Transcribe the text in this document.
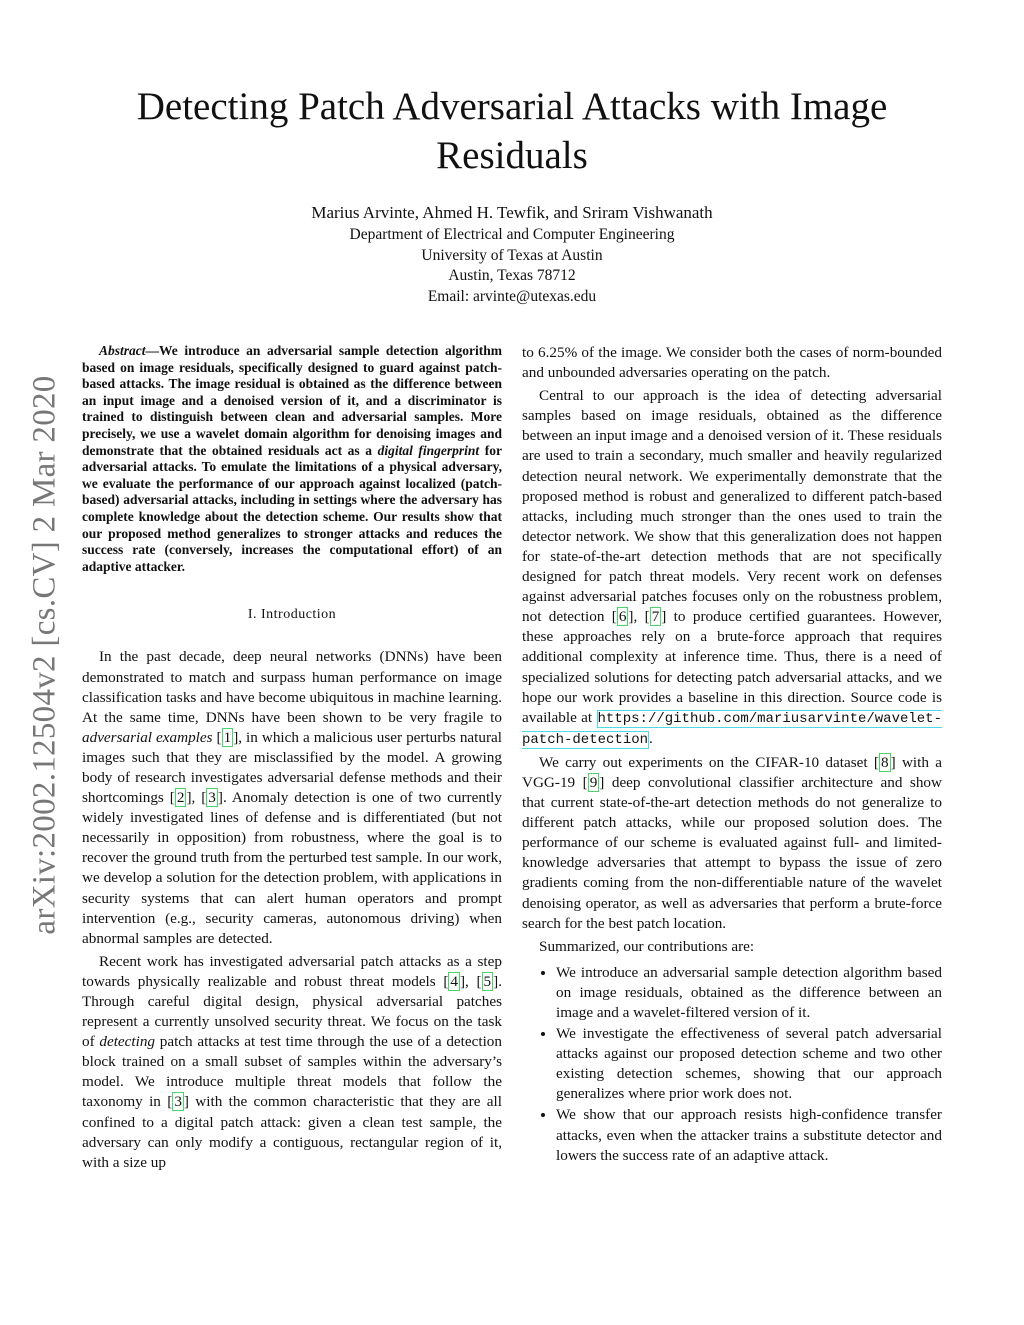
arXiv:2002.12504v2 [cs.CV] 2 Mar 2020
Detecting Patch Adversarial Attacks with Image Residuals
Marius Arvinte, Ahmed H. Tewfik, and Sriram Vishwanath
Department of Electrical and Computer Engineering
University of Texas at Austin
Austin, Texas 78712
Email: arvinte@utexas.edu

Abstract—We introduce an adversarial sample detection algorithm based on image residuals, specifically designed to guard against patch-based attacks. The image residual is obtained as the difference between an input image and a denoised version of it, and a discriminator is trained to distinguish between clean and adversarial samples. More precisely, we use a wavelet domain algorithm for denoising images and demonstrate that the obtained residuals act as a digital fingerprint for adversarial attacks. To emulate the limitations of a physical adversary, we evaluate the performance of our approach against localized (patch-based) adversarial attacks, including in settings where the adversary has complete knowledge about the detection scheme. Our results show that our proposed method generalizes to stronger attacks and reduces the success rate (conversely, increases the computational effort) of an adaptive attacker.

I. Introduction

In the past decade, deep neural networks (DNNs) have been demonstrated to match and surpass human performance on image classification tasks and have become ubiquitous in machine learning. At the same time, DNNs have been shown to be very fragile to adversarial examples [ 1 ], in which a malicious user perturbs natural images such that they are misclassified by the model. A growing body of research investigates adversarial defense methods and their shortcomings [ 2 ], [ 3 ]. Anomaly detection is one of two currently widely investigated lines of defense and is differentiated (but not necessarily in opposition) from robustness, where the goal is to recover the ground truth from the perturbed test sample. In our work, we develop a solution for the detection problem, with applications in security systems that can alert human operators and prompt intervention (e.g., security cameras, autonomous driving) when abnormal samples are detected.

Recent work has investigated adversarial patch attacks as a step towards physically realizable and robust threat models [ 4 ], [ 5 ]. Through careful digital design, physical adversarial patches represent a currently unsolved security threat. We focus on the task of detecting patch attacks at test time through the use of a detection block trained on a small subset of samples within the adversary’s model. We introduce multiple threat models that follow the taxonomy in [ 3 ] with the common characteristic that they are all confined to a digital patch attack: given a clean test sample, the adversary can only modify a contiguous, rectangular region of it, with a size up

to 6.25% of the image. We consider both the cases of norm-bounded and unbounded adversaries operating on the patch.

Central to our approach is the idea of detecting adversarial samples based on image residuals, obtained as the difference between an input image and a denoised version of it. These residuals are used to train a secondary, much smaller and heavily regularized detection neural network. We experimentally demonstrate that the proposed method is robust and generalized to different patch-based attacks, including much stronger than the ones used to train the detector network. We show that this generalization does not happen for state-of-the-art detection methods that are not specifically designed for patch threat models. Very recent work on defenses against adversarial patches focuses only on the robustness problem, not detection [ 6 ], [ 7 ] to produce certified guarantees. However, these approaches rely on a brute-force approach that requires additional complexity at inference time. Thus, there is a need of specialized solutions for detecting patch adversarial attacks, and we hope our work provides a baseline in this direction. Source code is available at https://github.com/mariusarvinte/wavelet-patch-detection.

We carry out experiments on the CIFAR-10 dataset [ 8 ] with a VGG-19 [ 9 ] deep convolutional classifier architecture and show that current state-of-the-art detection methods do not generalize to different patch attacks, while our proposed solution does. The performance of our scheme is evaluated against full- and limited-knowledge adversaries that attempt to bypass the issue of zero gradients coming from the non-differentiable nature of the wavelet denoising operator, as well as adversaries that perform a brute-force search for the best patch location.

Summarized, our contributions are:

• We introduce an adversarial sample detection algorithm based on image residuals, obtained as the difference between an image and a wavelet-filtered version of it.
• We investigate the effectiveness of several patch adversarial attacks against our proposed detection scheme and two other existing detection schemes, showing that our approach generalizes where prior work does not.
• We show that our approach resists high-confidence transfer attacks, even when the attacker trains a substitute detector and lowers the success rate of an adaptive attack.
